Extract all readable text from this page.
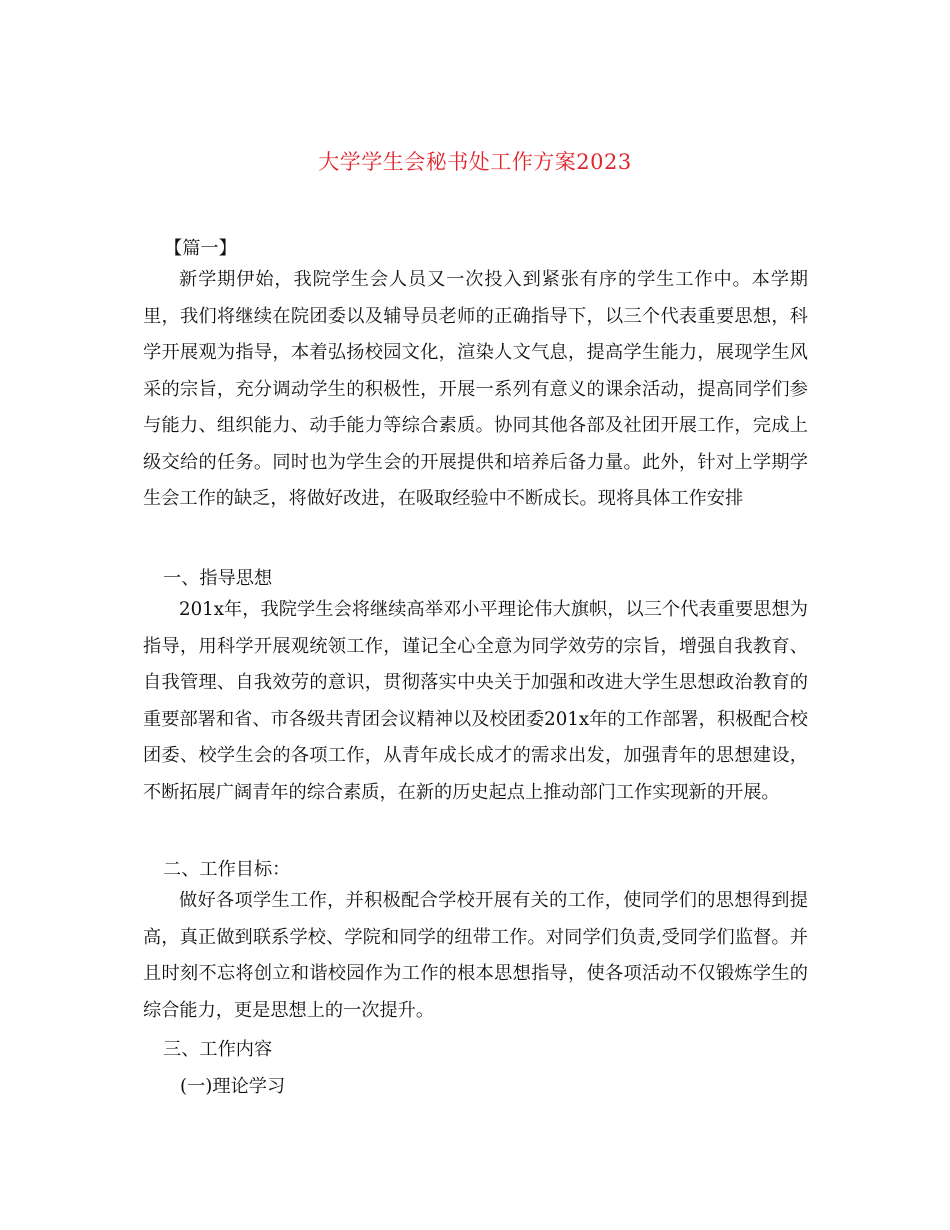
大学学生会秘书处工作方案2023
【篇一】

新学期伊始，我院学生会人员又一次投入到紧张有序的学生工作中。本学期里，我们将继续在院团委以及辅导员老师的正确指导下，以三个代表重要思想，科学开展观为指导，本着弘扬校园文化，渲染人文气息，提高学生能力，展现学生风采的宗旨，充分调动学生的积极性，开展一系列有意义的课余活动，提高同学们参与能力、组织能力、动手能力等综合素质。协同其他各部及社团开展工作，完成上级交给的任务。同时也为学生会的开展提供和培养后备力量。此外，针对上学期学生会工作的缺乏，将做好改进，在吸取经验中不断成长。现将具体工作安排

一、指导思想

201x年，我院学生会将继续高举邓小平理论伟大旗帜，以三个代表重要思想为指导，用科学开展观统领工作，谨记全心全意为同学效劳的宗旨，增强自我教育、自我管理、自我效劳的意识，贯彻落实中央关于加强和改进大学生思想政治教育的重要部署和省、市各级共青团会议精神以及校团委201x年的工作部署，积极配合校团委、校学生会的各项工作，从青年成长成才的需求出发，加强青年的思想建设，不断拓展广阔青年的综合素质，在新的历史起点上推动部门工作实现新的开展。

二、工作目标：

做好各项学生工作，并积极配合学校开展有关的工作，使同学们的思想得到提高，真正做到联系学校、学院和同学的纽带工作。对同学们负责,受同学们监督。并且时刻不忘将创立和谐校园作为工作的根本思想指导，使各项活动不仅锻炼学生的综合能力，更是思想上的一次提升。

三、工作内容
(一)理论学习
